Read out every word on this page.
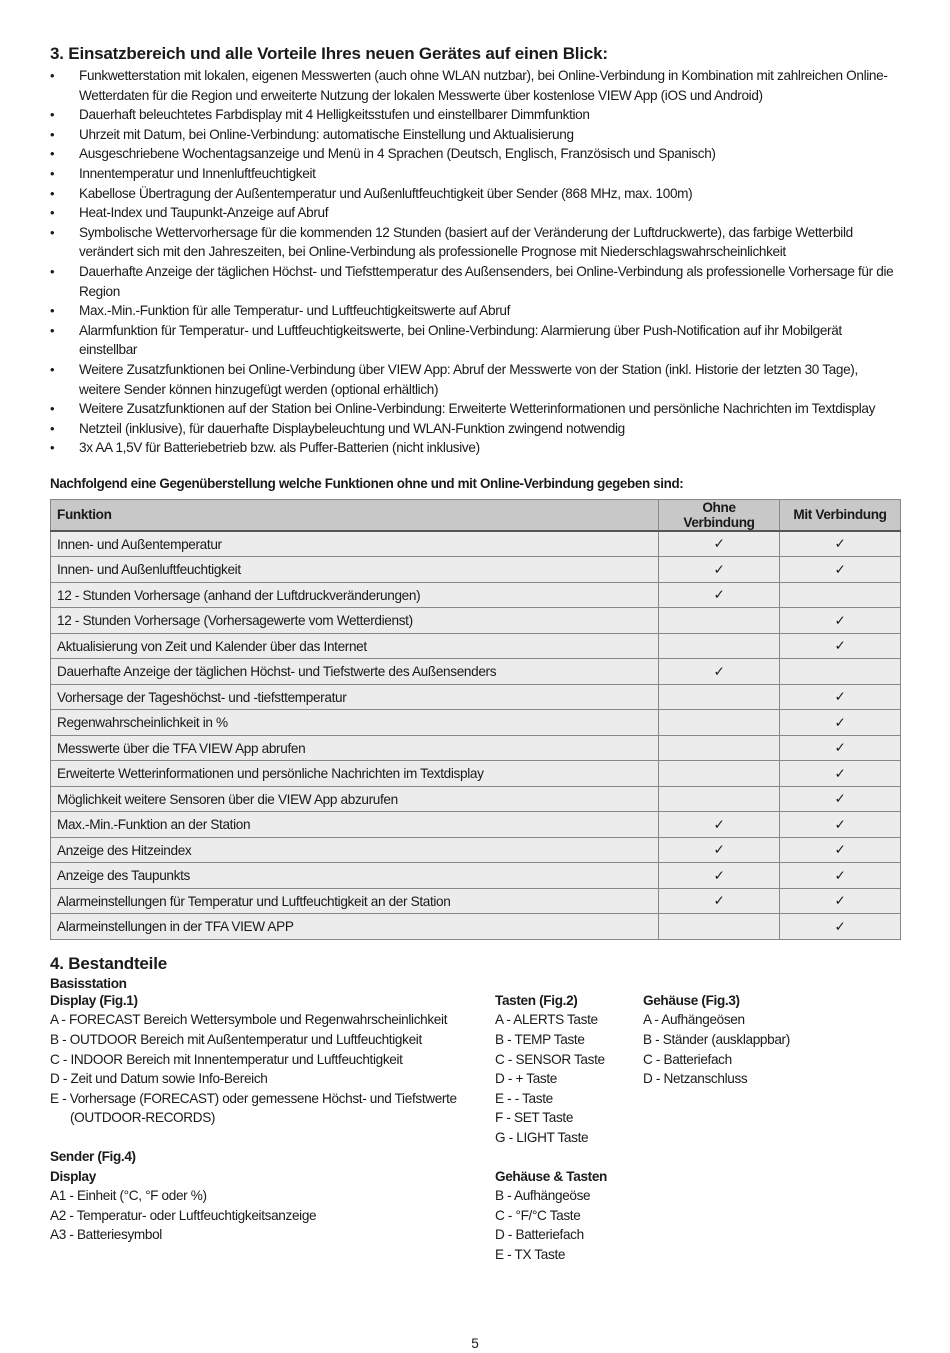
3. Einsatzbereich und alle Vorteile Ihres neuen Gerätes auf einen Blick:
• Funkwetterstation mit lokalen, eigenen Messwerten (auch ohne WLAN nutzbar), bei Online-Verbindung in Kombination mit zahlreichen Online-Wetterdaten für die Region und erweiterte Nutzung der lokalen Messwerte über kostenlose VIEW App (iOS und Android)
• Dauerhaft beleuchtetes Farbdisplay mit 4 Helligkeitsstufen und einstellbarer Dimmfunktion
• Uhrzeit mit Datum, bei Online-Verbindung: automatische Einstellung und Aktualisierung
• Ausgeschriebene Wochentagsanzeige und Menü in 4 Sprachen (Deutsch, Englisch, Französisch und Spanisch)
• Innentemperatur und Innenluftfeuchtigkeit
• Kabellose Übertragung der Außentemperatur und Außenluftfeuchtigkeit über Sender (868 MHz, max. 100m)
• Heat-Index und Taupunkt-Anzeige auf Abruf
• Symbolische Wettervorhersage für die kommenden 12 Stunden (basiert auf der Veränderung der Luftdruckwerte), das farbige Wetterbild verändert sich mit den Jahreszeiten, bei Online-Verbindung als professionelle Prognose mit Niederschlagswahrscheinlichkeit
• Dauerhafte Anzeige der täglichen Höchst- und Tiefsttemperatur des Außensenders, bei Online-Verbindung als professionelle Vorhersage für die Region
• Max.-Min.-Funktion für alle Temperatur- und Luftfeuchtigkeitswerte auf Abruf
• Alarmfunktion für Temperatur- und Luftfeuchtigkeitswerte, bei Online-Verbindung: Alarmierung über Push-Notification auf ihr Mobilgerät einstellbar
• Weitere Zusatzfunktionen bei Online-Verbindung über VIEW App: Abruf der Messwerte von der Station (inkl. Historie der letzten 30 Tage), weitere Sender können hinzugefügt werden (optional erhältlich)
• Weitere Zusatzfunktionen auf der Station bei Online-Verbindung: Erweiterte Wetterinformationen und persönliche Nachrichten im Textdisplay
• Netzteil (inklusive), für dauerhafte Displaybeleuchtung und WLAN-Funktion zwingend notwendig
• 3x AA 1,5V für Batteriebetrieb bzw. als Puffer-Batterien (nicht inklusive)
Nachfolgend eine Gegenüberstellung welche Funktionen ohne und mit Online-Verbindung gegeben sind:
Funktion	Ohne Verbindung	Mit Verbindung
Innen- und Außentemperatur	✓	✓
Innen- und Außenluftfeuchtigkeit	✓	✓
12 - Stunden Vorhersage (anhand der Luftdruckveränderungen)	✓	
12 - Stunden Vorhersage (Vorhersagewerte vom Wetterdienst)		✓
Aktualisierung von Zeit und Kalender über das Internet		✓
Dauerhafte Anzeige der täglichen Höchst- und Tiefstwerte des Außensenders	✓	
Vorhersage der Tageshöchst- und -tiefsttemperatur		✓
Regenwahrscheinlichkeit in %		✓
Messwerte über die TFA VIEW App abrufen		✓
Erweiterte Wetterinformationen und persönliche Nachrichten im Textdisplay		✓
Möglichkeit weitere Sensoren über die VIEW App abzurufen		✓
Max.-Min.-Funktion an der Station	✓	✓
Anzeige des Hitzeindex	✓	✓
Anzeige des Taupunkts	✓	✓
Alarmeinstellungen für Temperatur und Luftfeuchtigkeit an der Station	✓	✓
Alarmeinstellungen in der TFA VIEW APP		✓
4. Bestandteile
Basisstation
Display (Fig.1)
A - FORECAST Bereich Wettersymbole und Regenwahrscheinlichkeit
B - OUTDOOR Bereich mit Außentemperatur und Luftfeuchtigkeit
C - INDOOR Bereich mit Innentemperatur und Luftfeuchtigkeit
D - Zeit und Datum sowie Info-Bereich
E - Vorhersage (FORECAST) oder gemessene Höchst- und Tiefstwerte
(OUTDOOR-RECORDS)
Sender (Fig.4)
Display
A1 - Einheit (°C, °F oder %)
A2 - Temperatur- oder Luftfeuchtigkeitsanzeige
A3 - Batteriesymbol
Tasten (Fig.2)
A - ALERTS Taste
B - TEMP Taste
C - SENSOR Taste
D - + Taste
E - - Taste
F - SET Taste
G - LIGHT Taste
Gehäuse & Tasten
B - Aufhängeöse
C - °F/°C Taste
D - Batteriefach
E - TX Taste
Gehäuse (Fig.3)
A - Aufhängeösen
B - Ständer (ausklappbar)
C - Batteriefach
D - Netzanschluss
5
